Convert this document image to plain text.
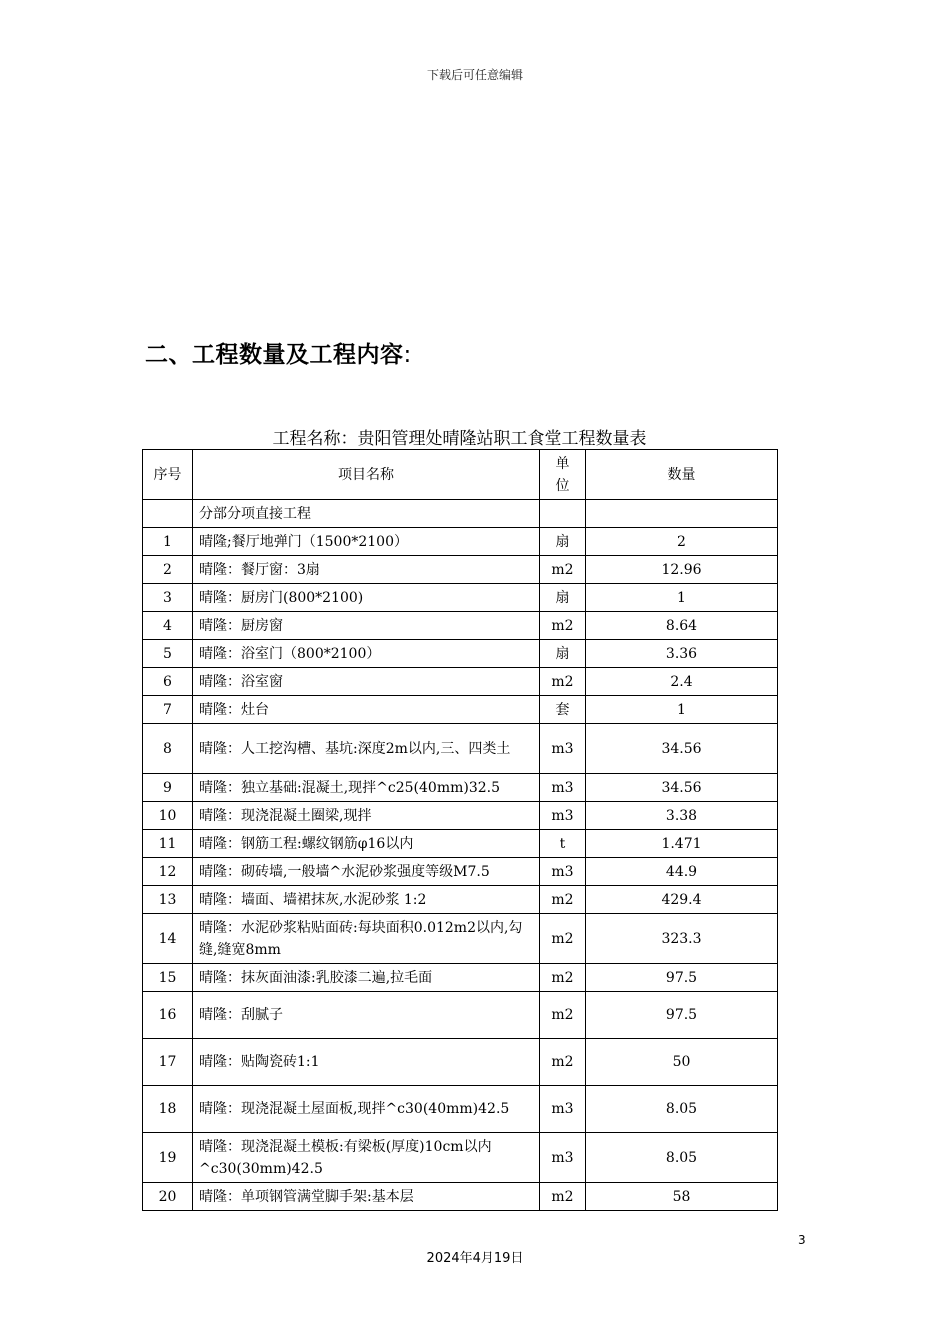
下载后可任意编辑
二、工程数量及工程内容:
工程名称：贵阳管理处晴隆站职工食堂工程数量表
序号	项目名称	单位	数量
	分部分项直接工程		
1	晴隆;餐厅地弹门（1500*2100）	扇	2
2	晴隆：餐厅窗：3扇	m2	12.96
3	晴隆：厨房门(800*2100)	扇	1
4	晴隆：厨房窗	m2	8.64
5	晴隆：浴室门（800*2100）	扇	3.36
6	晴隆：浴室窗	m2	2.4
7	晴隆：灶台	套	1
8	晴隆：人工挖沟槽、基坑:深度2m以内,三、四类土	m3	34.56
9	晴隆：独立基础:混凝土,现拌^c25(40mm)32.5	m3	34.56
10	晴隆：现浇混凝土圈梁,现拌	m3	3.38
11	晴隆：钢筋工程:螺纹钢筋φ16以内	t	1.471
12	晴隆：砌砖墙,一般墙^水泥砂浆强度等级M7.5	m3	44.9
13	晴隆：墙面、墙裙抹灰,水泥砂浆 1:2	m2	429.4
14	晴隆：水泥砂浆粘贴面砖:每块面积0.012m2以内,勾缝,缝宽8mm	m2	323.3
15	晴隆：抹灰面油漆:乳胶漆二遍,拉毛面	m2	97.5
16	晴隆：刮腻子	m2	97.5
17	晴隆：贴陶瓷砖1:1	m2	50
18	晴隆：现浇混凝土屋面板,现拌^c30(40mm)42.5	m3	8.05
19	晴隆：现浇混凝土模板:有梁板(厚度)10cm以内^c30(30mm)42.5	m3	8.05
20	晴隆：单项钢管满堂脚手架:基本层	m2	58
3
2024年4月19日
